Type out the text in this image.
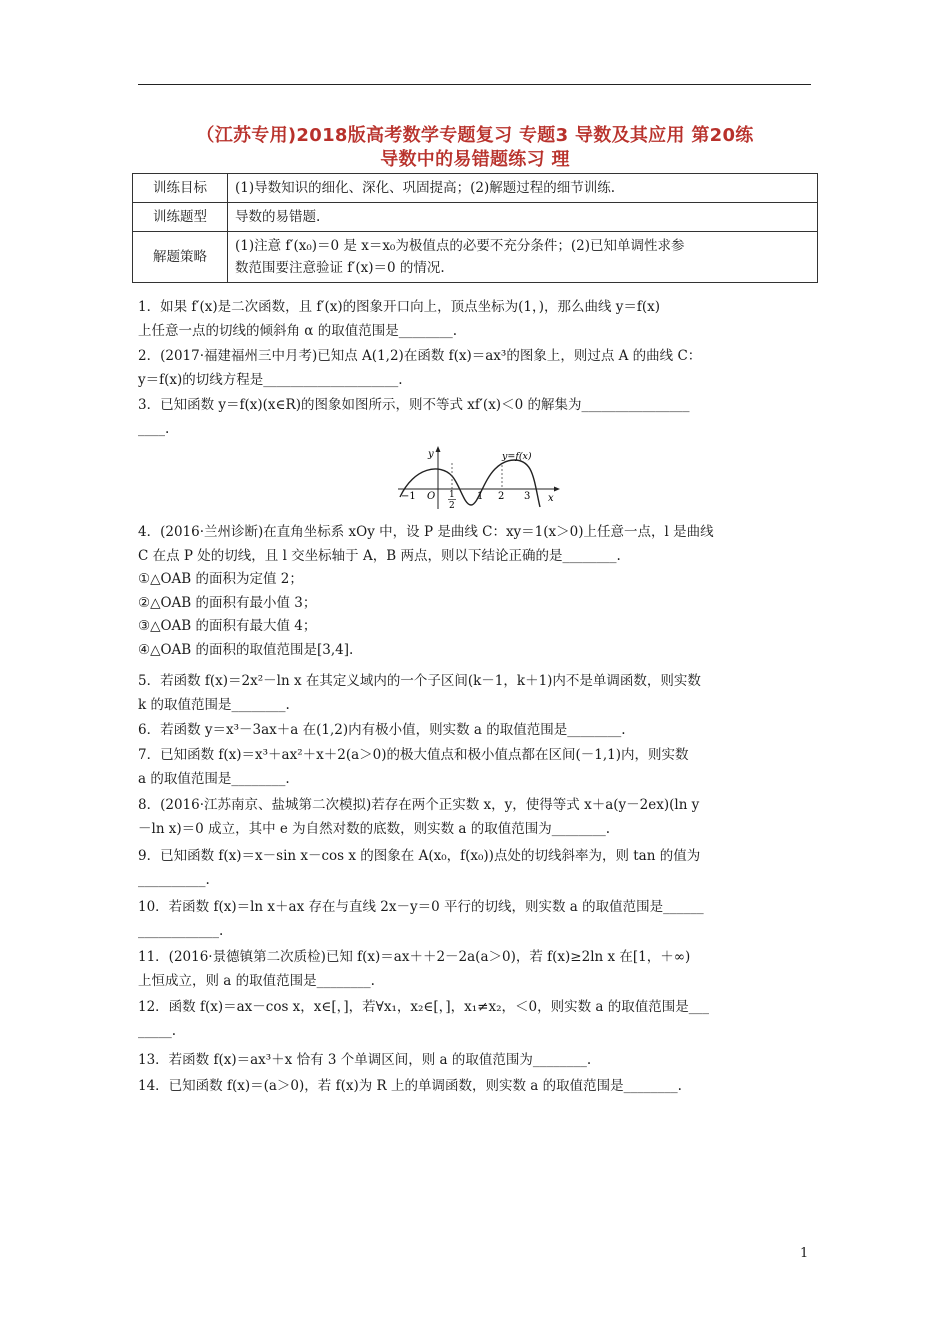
（江苏专用)2018版高考数学专题复习 专题3 导数及其应用 第20练
导数中的易错题练习 理
训练目标	(1)导数知识的细化、深化、巩固提高；(2)解题过程的细节训练.

训练题型	导数的易错题.

解题策略	(1)注意 f′(x₀)＝0 是 x＝x₀为极值点的必要不充分条件；(2)已知单调性求参
数范围要注意验证 f′(x)＝0 的情况.
1．如果 f′(x)是二次函数，且 f′(x)的图象开口向上，顶点坐标为(1，)，那么曲线 y＝f(x)
上任意一点的切线的倾斜角 α 的取值范围是________.
2．(2017·福建福州三中月考)已知点 A(1,2)在函数 f(x)＝ax³的图象上，则过点 A 的曲线 C：
y＝f(x)的切线方程是____________________.
3．已知函数 y＝f(x)(x∈R)的图象如图所示，则不等式 xf′(x)＜0 的解集为________________
____.
y
x
y=f(x)
−1 O 1
2
1 2 3
4．(2016·兰州诊断)在直角坐标系 xOy 中，设 P 是曲线 C：xy＝1(x＞0)上任意一点，l 是曲线
C 在点 P 处的切线，且 l 交坐标轴于 A，B 两点，则以下结论正确的是________.
①△OAB 的面积为定值 2；
②△OAB 的面积有最小值 3；
③△OAB 的面积有最大值 4；
④△OAB 的面积的取值范围是[3,4].
5．若函数 f(x)＝2x²－ln x 在其定义域内的一个子区间(k－1，k＋1)内不是单调函数，则实数
k 的取值范围是________.
6．若函数 y＝x³－3ax＋a 在(1,2)内有极小值，则实数 a 的取值范围是________.
7．已知函数 f(x)＝x³＋ax²＋x＋2(a＞0)的极大值点和极小值点都在区间(－1,1)内，则实数
a 的取值范围是________.
8．(2016·江苏南京、盐城第二次模拟)若存在两个正实数 x，y，使得等式 x＋a(y－2ex)(ln y
－ln x)＝0 成立，其中 e 为自然对数的底数，则实数 a 的取值范围为________.
9．已知函数 f(x)＝x－sin x－cos x 的图象在 A(x₀，f(x₀))点处的切线斜率为，则 tan 的值为
__________.
10．若函数 f(x)＝ln x＋ax 存在与直线 2x－y＝0 平行的切线，则实数 a 的取值范围是______
____________.
11．(2016·景德镇第二次质检)已知 f(x)＝ax＋＋2－2a(a＞0)，若 f(x)≥2ln x 在[1，＋∞)
上恒成立，则 a 的取值范围是________.
12．函数 f(x)＝ax－cos x，x∈[，]，若∀x₁，x₂∈[，]，x₁≠x₂，＜0，则实数 a 的取值范围是___
_____.
13．若函数 f(x)＝ax³＋x 恰有 3 个单调区间，则 a 的取值范围为________.
14．已知函数 f(x)＝(a＞0)，若 f(x)为 R 上的单调函数，则实数 a 的取值范围是________.
1
